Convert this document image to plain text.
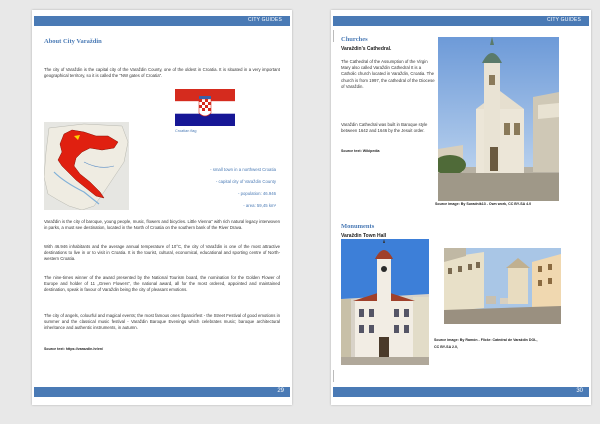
CITY GUIDES
About City Varaždin

The city of Varaždin is the capital city of the Varaždin County, one of the oldest in Croatia. It is situated in a very important geographical territory, so it is called the "NW gates of Croatia".

Croatian flag
- small town in a northwest Croatia
- capital city of Varaždin County
- population: 46.946
- area: 59,45 km²

Varaždin is the city of baroque, young people, music, flowers and bicycles. Little Vienna" with rich natural legacy interwoven in parks, a must see destination, located in the North of Croatia on the southern bank of the River Drava.

With 46.946 inhabitants and the average annual temperature of 10°C, the city of Varaždin is one of the most attractive destinations to live in or to visit in Croatia. It is the tourist, cultural, economical, educational and sporting centre of North-western Croatia.

The nine-times winner of the award presented by the National Tourism board, the nomination for the Golden Flower of Europe and holder of 11 „Green Flowers", the national award, all for the most ordered, appointed and maintained destination, speak in favour of Varaždin being the city of pleasant emotions.

The city of angels, colourful and magical events; the most famous ones Špancirfest - the Street Festival of good emotions in summer and the classical music festival - Varaždin Baroque Evenings which celebrates music; baroque architectural inheritance and authentic instruments, in autumn.

Source text: https://varazdin.hr/en/
29
CITY GUIDES
Churches
Varaždin's Cathedral.

The Cathedral of the Assumption of the Virgin Mary also called Varaždin Cathedral It is a Catholic church located in Varaždin, Croatia. The church is from 1997, the cathedral of the Diocese of Varaždin.

Varaždin Cathedral was built in Baroque style between 1642 and 1646 by the Jesuit order.

Source text: Wikipedia
Source image: By Suradnik13 - Own work, CC BY-SA 4.0
Monuments
Varaždin Town Hall
Source image: By Ramón - Flickr: Catedral de Varaždin DOL,
CC BY-SA 2.0,
30
